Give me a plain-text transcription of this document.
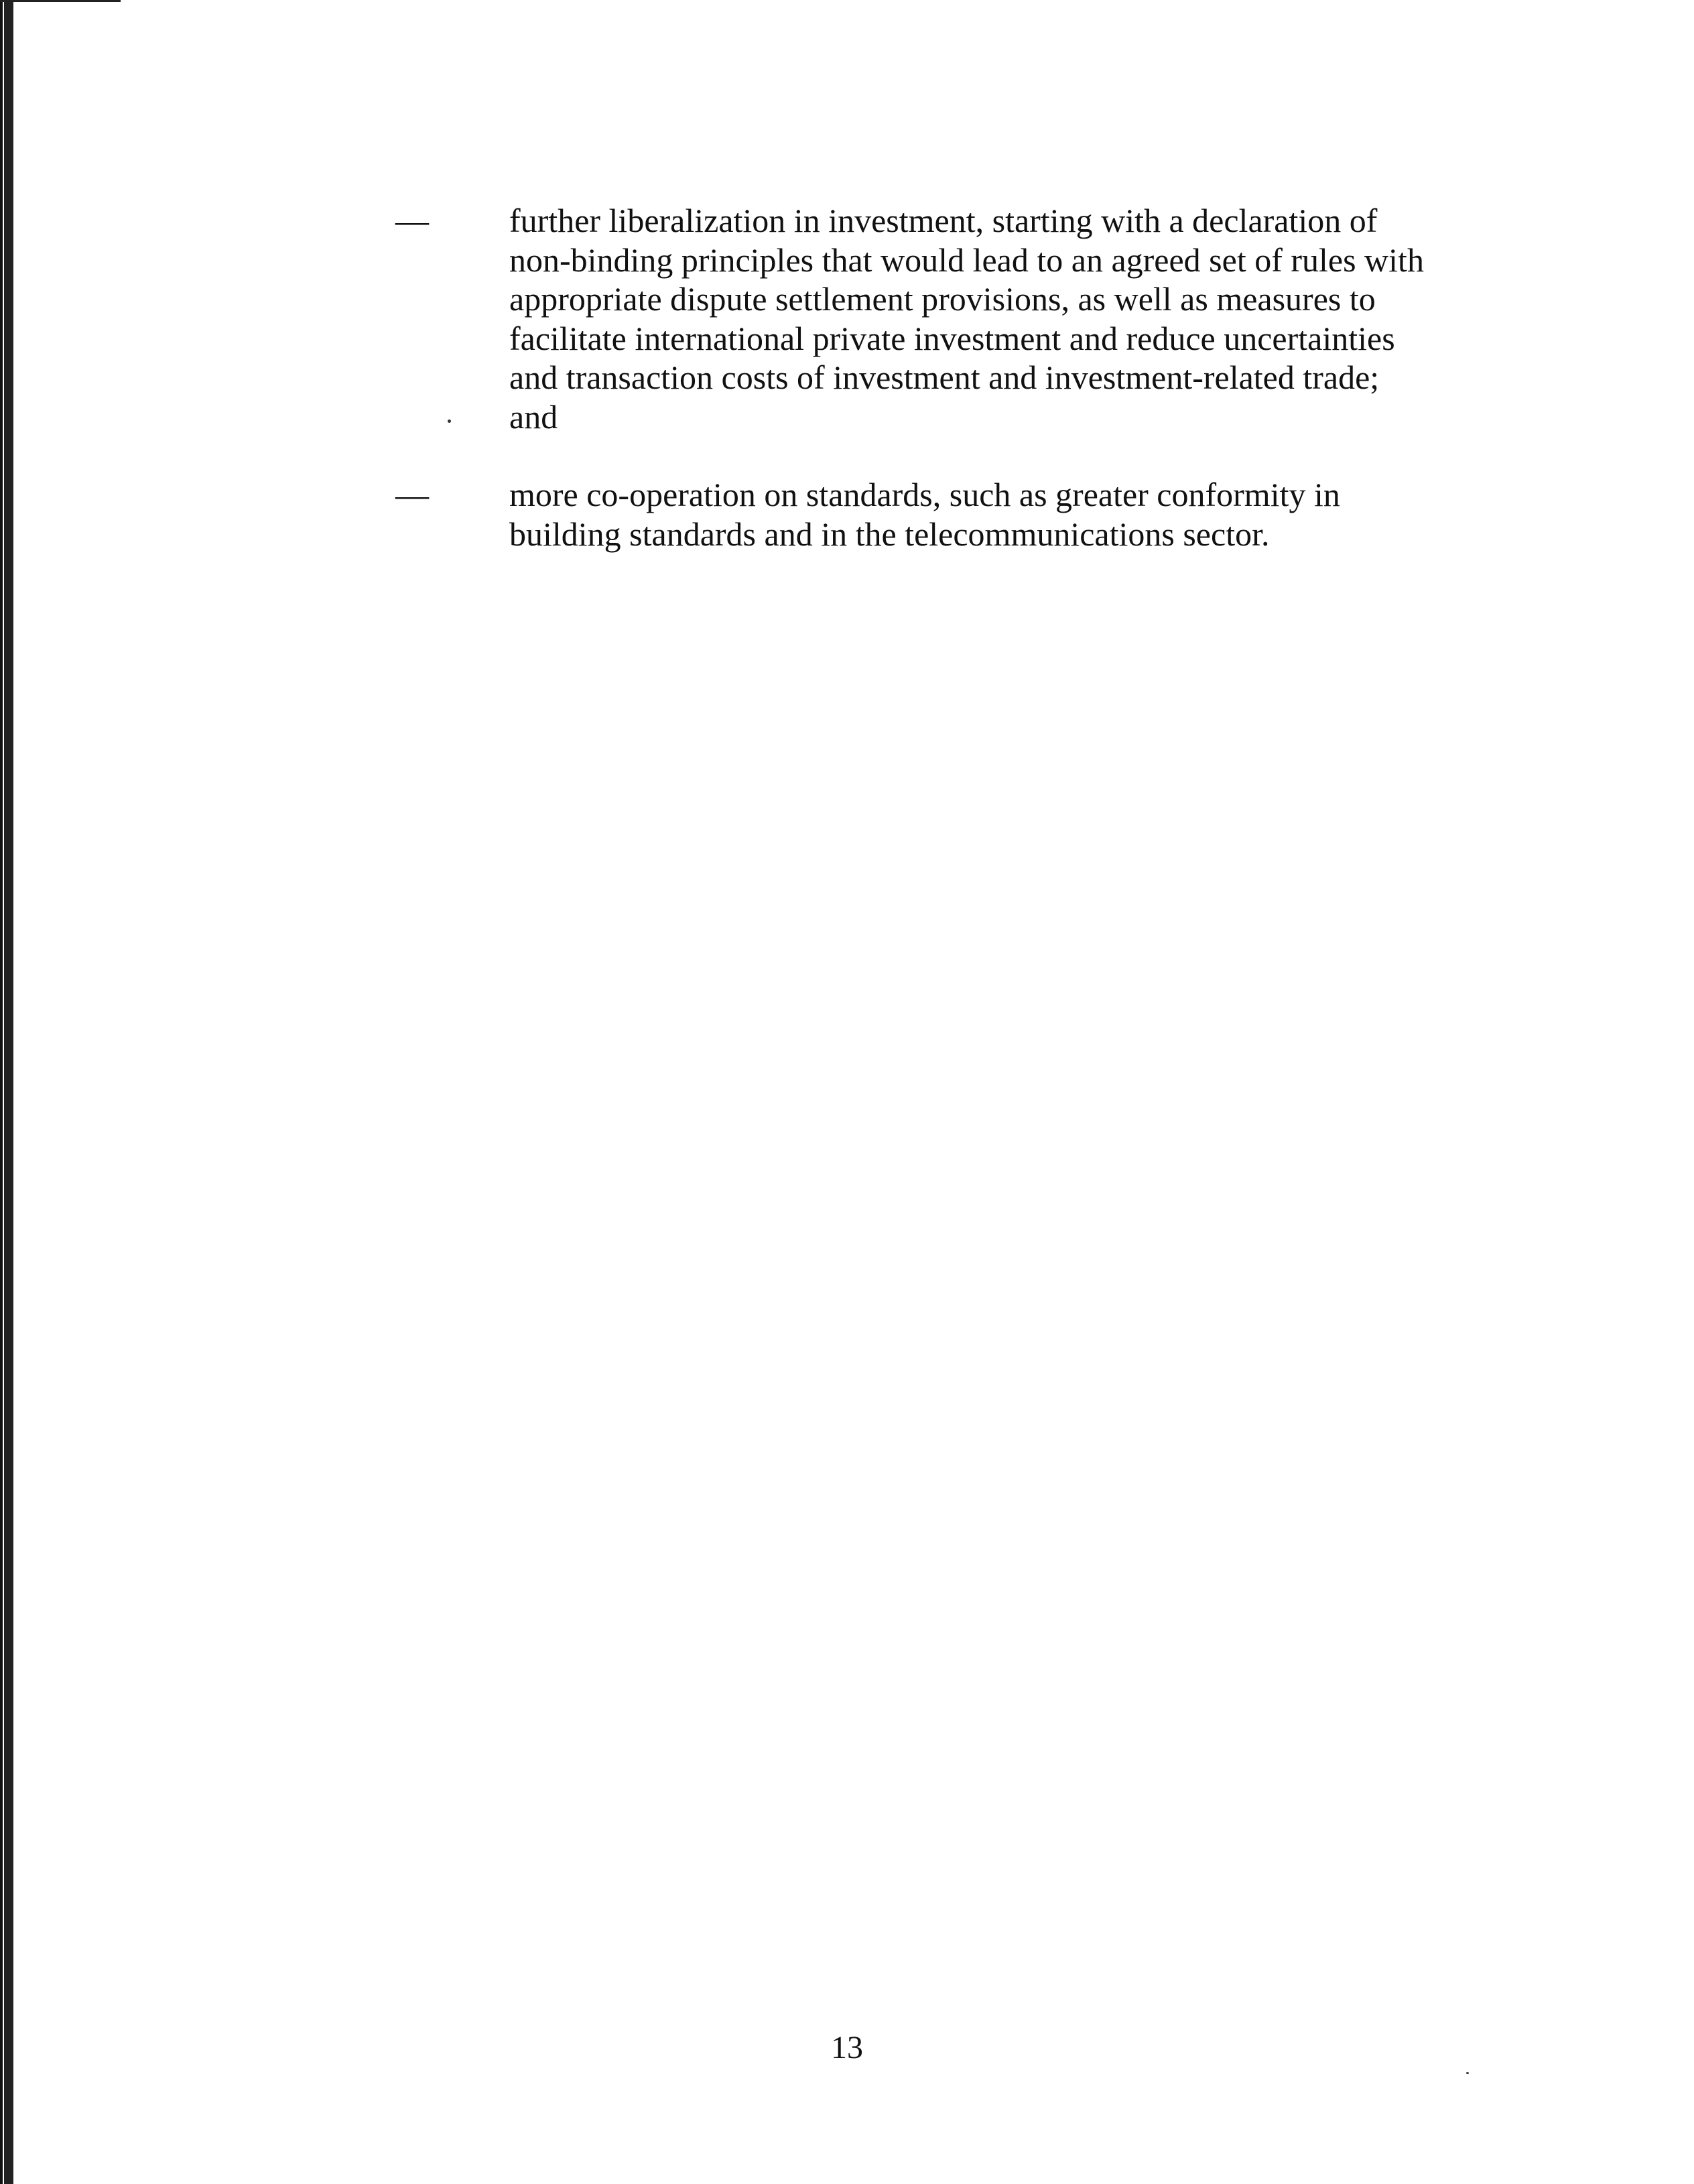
—	further liberalization in investment, starting with a declaration of non-binding principles that would lead to an agreed set of rules with appropriate dispute settlement provisions, as well as measures to facilitate international private investment and reduce uncertainties and transaction costs of investment and investment-related trade; and
—	more co-operation on standards, such as greater conformity in building standards and in the telecommunications sector.
13
